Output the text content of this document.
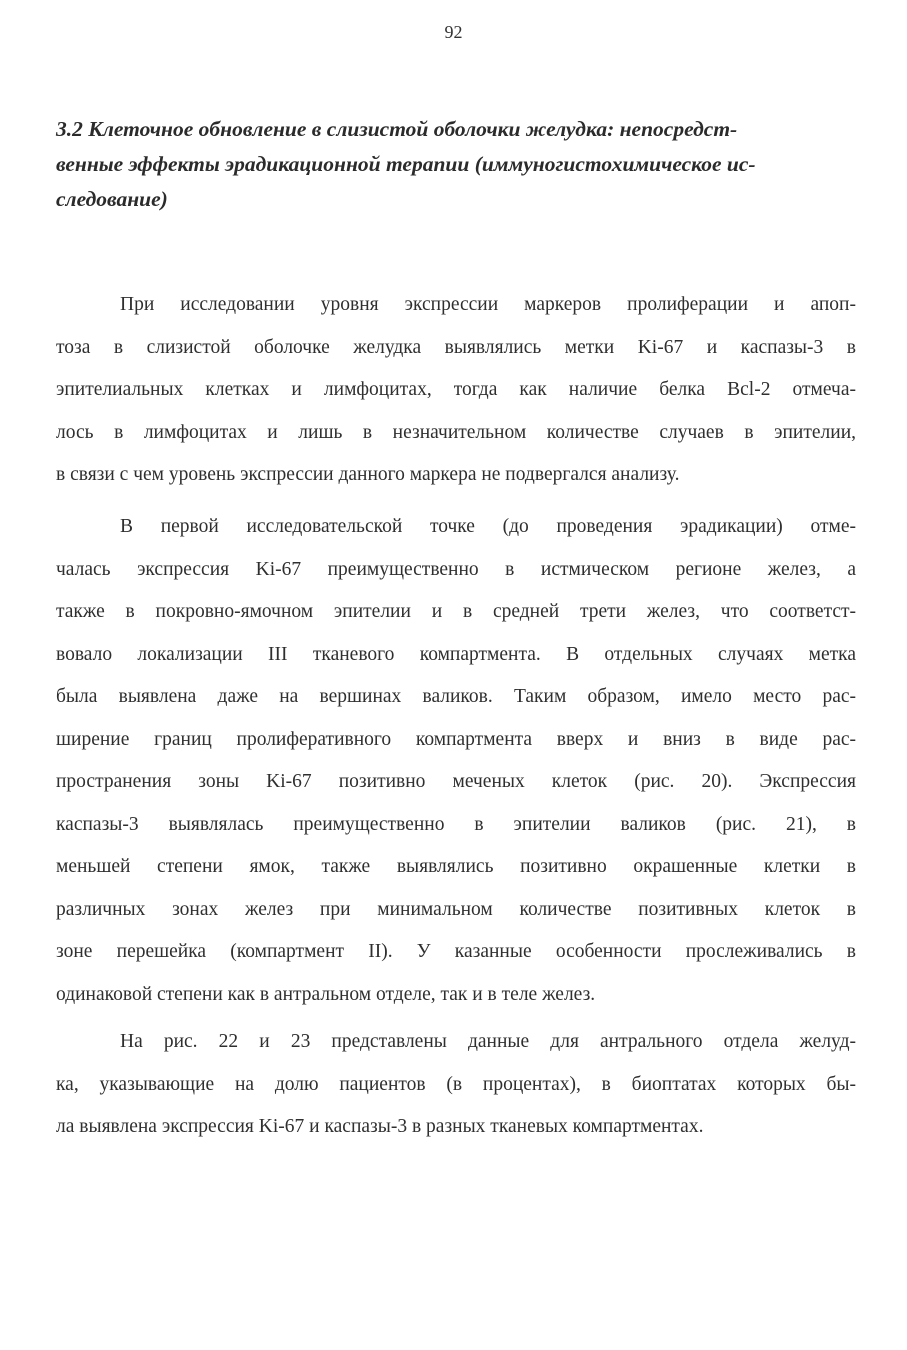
92
3.2 Клеточное обновление в слизистой оболочки желудка: непосредст-
венные эффекты эрадикационной терапии (иммуногистохимическое ис-
следование)
При исследовании уровня экспрессии маркеров пролиферации и апоп-
тоза в слизистой оболочке желудка выявлялись метки Ki-67 и каспазы-3 в
эпителиальных клетках и лимфоцитах, тогда как наличие белка Bcl-2 отмеча-
лось в лимфоцитах и лишь в незначительном количестве случаев в эпителии,
в связи с чем уровень экспрессии данного маркера не подвергался анализу.
В первой исследовательской точке (до проведения эрадикации) отме-
чалась экспрессия Ki-67 преимущественно в истмическом регионе желез, а
также в покровно-ямочном эпителии и в средней трети желез, что соответст-
вовало локализации III тканевого компартмента. В отдельных случаях метка
была выявлена даже на вершинах валиков. Таким образом, имело место рас-
ширение границ пролиферативного компартмента вверх и вниз в виде рас-
пространения зоны Ki-67 позитивно меченых клеток (рис. 20). Экспрессия
каспазы-3 выявлялась преимущественно в эпителии валиков (рис. 21), в
меньшей степени ямок, также выявлялись позитивно окрашенные клетки в
различных зонах желез при минимальном количестве позитивных клеток в
зоне перешейка (компартмент II). У казанные особенности прослеживались в
одинаковой степени как в антральном отделе, так и в теле желез.
На рис. 22 и 23 представлены данные для антрального отдела желуд-
ка, указывающие на долю пациентов (в процентах), в биоптатах которых бы-
ла выявлена экспрессия Ki-67 и каспазы-3 в разных тканевых компартментах.
